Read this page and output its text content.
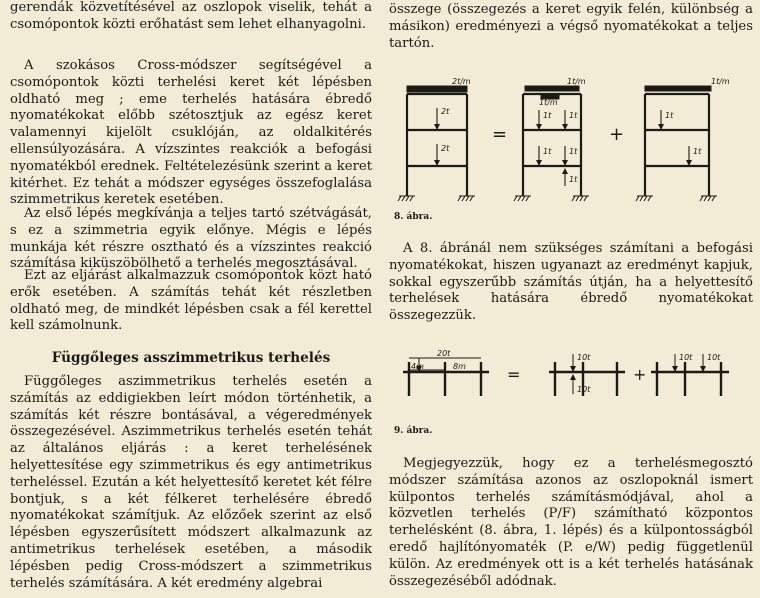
gerendák közvetítésével az oszlopok viselik, tehát a csomópontok közti erőhatást sem lehet elhanyagolni.

A szokásos Cross-módszer segítségével a csomópontok közti terhelési keret két lépésben oldható meg ; eme terhelés hatására ébredő nyomatékokat előbb szétosztjuk az egész keret valamennyi kijelölt csuklóján, az oldalkitérés ellensúlyozására. A vízszintes reakciók a befogási nyomatékból erednek. Feltételezésünk szerint a keret kitérhet. Ez tehát a módszer egységes összefoglalása szimmetrikus keretek esetében.

Az első lépés megkívánja a teljes tartó szétvágását, s ez a szimmetria egyik előnye. Mégis e lépés munkája két részre osztható és a vízszintes reakció számítása kiküszöbölhető a terhelés megosztásával.

Ezt az eljárást alkalmazzuk csomópontok közt ható erők esetében. A számítás tehát két részletben oldható meg, de mindkét lépésben csak a fél kerettel kell számolnunk.

Függőleges asszimmetrikus terhelés

Függőleges aszimmetrikus terhelés esetén a számítás az eddigiekben leírt módon történhetik, a számítás két részre bontásával, a végeredmények összegezésével. Aszimmetrikus terhelés esetén tehát az általános eljárás : a keret terhelésének helyettesítése egy szimmetrikus és egy antimetrikus terheléssel. Ezután a két helyettesítő keretet két félre bontjuk, s a két félkeret terhelésére ébredő nyomatékokat számítjuk. Az előzőek szerint az első lépésben egyszerűsített módszert alkalmazunk az antimetrikus terhelések esetében, a második lépésben pedig Cross-módszert a szimmetrikus terhelés számítására. A két eredmény algebrai

összege (összegezés a keret egyik felén, különbség a másikon) eredményezi a végső nyomatékokat a teljes tartón.

2t/m
2t
2t
1t/m
1t/m
1t 1t
1t 1t
1t
1t/m
1t
1t
=	+
8. ábra.

A 8. ábránál nem szükséges számítani a befogási nyomatékokat, hiszen ugyanazt az eredményt kapjuk, sokkal egyszerűbb számítás útján, ha a helyettesítő terhelések hatására ébredő nyomatékokat összegezzük.

20t
4m	8m
10t
10t
10t 10t
=	+
9. ábra.

Megjegyezzük, hogy ez a terhelésmegosztó módszer számítása azonos az oszlopoknál ismert külpontos terhelés számításmódjával, ahol a közvetlen terhelés (P/F) számítható központos terhelésként (8. ábra, 1. lépés) és a külpontosságból eredő hajlítónyomaték (P. e/W) pedig függetlenül külön. Az eredmények ott is a két terhelés hatásának összegezéséből adódnak.
